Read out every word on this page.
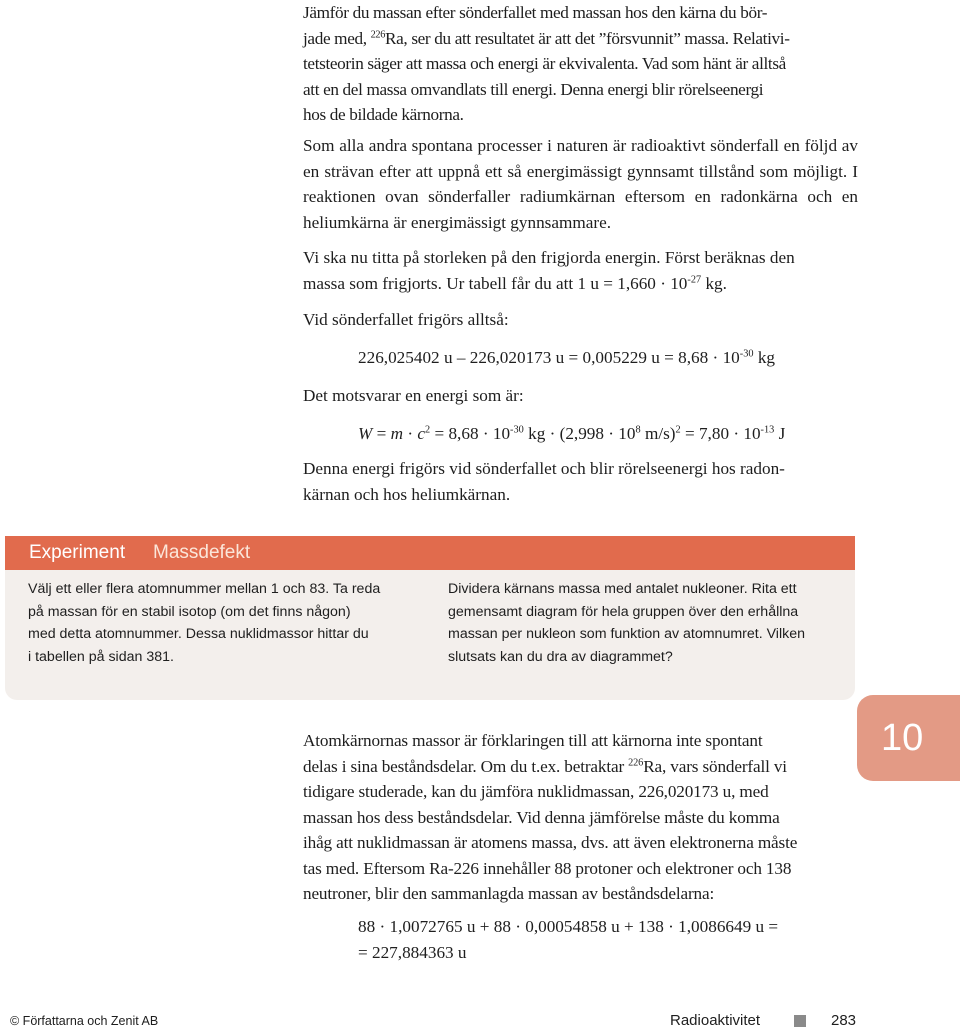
Jämför du massan efter sönderfallet med massan hos den kärna du bör-
jade med, $^{226}$Ra, ser du att resultatet är att det ”försvunnit” massa. Relativi-
tetsteorin säger att massa och energi är ekvivalenta. Vad som hänt är alltså
att en del massa omvandlats till energi. Denna energi blir rörelseenergi
hos de bildade kärnorna.

Som alla andra spontana processer i naturen är radioaktivt sönderfall en följd av en strävan efter att uppnå ett så energimässigt gynnsamt tillstånd som möjligt. I reaktionen ovan sönderfaller radiumkärnan eftersom en radonkärna och en heliumkärna är energimässigt gynnsammare.

Vi ska nu titta på storleken på den frigjorda energin. Först beräknas den
massa som frigjorts. Ur tabell får du att 1 $u = 1,660 \cdot 10^{-27}$ kg.

Vid sönderfallet frigörs alltså:

226,025402 u – 226,020173 u = 0,005229 $u = 8,68 \cdot 10^{-30}$ kg

Det motsvarar en energi som är:

$W = m \cdot c^2 = 8,68 \cdot 10^{-30}$ kg · ($2,998 \cdot 10^8$ $m/s)^2 = 7,80 \cdot 10^{-13}$ J

Denna energi frigörs vid sönderfallet och blir rörelseenergi hos radon-
kärnan och hos heliumkärnan.

Experiment Massdefekt
Välj ett eller flera atomnummer mellan 1 och 83. Ta reda
på massan för en stabil isotop (om det finns någon)
med detta atomnummer. Dessa nuklidmassor hittar du
i tabellen på sidan 381.
Dividera kärnans massa med antalet nukleoner. Rita ett
gemensamt diagram för hela gruppen över den erhållna
massan per nukleon som funktion av atomnumret. Vilken
slutsats kan du dra av diagrammet?
10

Atomkärnornas massor är förklaringen till att kärnorna inte spontant
delas i sina beståndsdelar. Om du t.ex. betraktar $^{226}$Ra, vars sönderfall vi
tidigare studerade, kan du jämföra nuklidmassan, 226,020173 u, med
massan hos dess beståndsdelar. Vid denna jämförelse måste du komma
ihåg att nuklidmassan är atomens massa, dvs. att även elektronerna måste
tas med. Eftersom Ra-226 innehåller 88 protoner och elektroner och 138
neutroner, blir den sammanlagda massan av beståndsdelarna:

88 · 1,0072765 u + 88 · 0,00054858 u + 138 · 1,0086649 u =
= 227,884363 u
© Författarna och Zenit AB	Radioaktivitet	283
